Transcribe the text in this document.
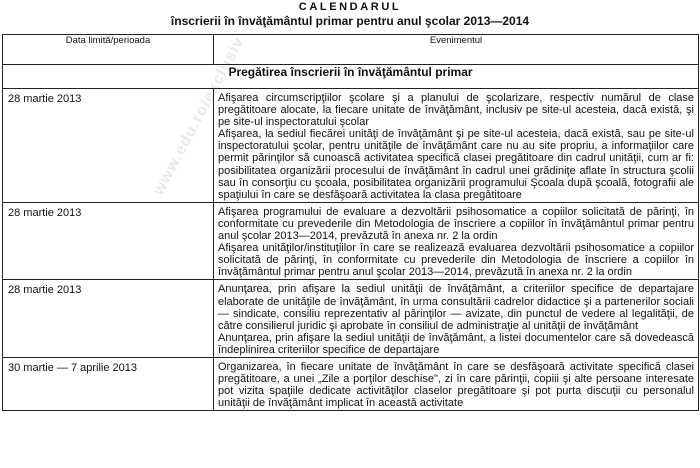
CALENDARUL
înscrierii în învăţământul primar pentru anul şcolar 2013—2014
Data limită/perioada	Evenimentul
Pregătirea înscrierii în învăţământul primar	
28 martie 2013	Afişarea circumscripţiilor şcolare şi a planului de şcolarizare, respectiv numărul de clase pregătitoare alocate, la fiecare unitate de învăţământ, inclusiv pe site-ul acesteia, dacă există, şi pe site-ul inspectoratului şcolar

Afişarea, la sediul fiecărei unităţi de învăţământ şi pe site-ul acesteia, dacă există, sau pe site-ul inspectoratului şcolar, pentru unităţile de învăţământ care nu au site propriu, a informaţiilor care permit părinţilor să cunoască activitatea specifică clasei pregătitoare din cadrul unităţii, cum ar fi: posibilitatea organizării procesului de învăţământ în cadrul unei grădiniţe aflate în structura şcolii sau în consorţiu cu şcoala, posibilitatea organizării programului Şcoala după şcoală, fotografii ale spaţiului în care se desfăşoară activitatea la clasa pregătitoare

28 martie 2013	Afişarea programului de evaluare a dezvoltării psihosomatice a copiilor solicitată de părinţi, în conformitate cu prevederile din Metodologia de înscriere a copiilor în învăţământul primar pentru anul şcolar 2013—2014, prevăzută în anexa nr. 2 la ordin

Afişarea unităţilor/instituţiilor în care se realizează evaluarea dezvoltării psihosomatice a copiilor solicitată de părinţi, în conformitate cu prevederile din Metodologia de înscriere a copiilor în învăţământul primar pentru anul şcolar 2013—2014, prevăzută în anexa nr. 2 la ordin

28 martie 2013	Anunţarea, prin afişare la sediul unităţii de învăţământ, a criteriilor specifice de departajare elaborate de unităţile de învăţământ, în urma consultării cadrelor didactice şi a partenerilor sociali — sindicate, consiliu reprezentativ al părinţilor — avizate, din punctul de vedere al legalităţii, de către consilierul juridic şi aprobate în consiliul de administraţie al unităţii de învăţământ

Anunţarea, prin afişare la sediul unităţii de învăţământ, a listei documentelor care să dovedească îndeplinirea criteriilor specifice de departajare

30 martie — 7 aprilie 2013	Organizarea, în fiecare unitate de învăţământ în care se desfăşoară activitate specifică clasei pregătitoare, a unei „Zile a porţilor deschise", zi în care părinţii, copiii şi alte persoane interesate pot vizita spaţiile dedicate activităţilor claselor pregătitoare şi pot purta discuţii cu personalul unităţii de învăţământ implicat în această activitate

www.edu.ro/exclusiv
